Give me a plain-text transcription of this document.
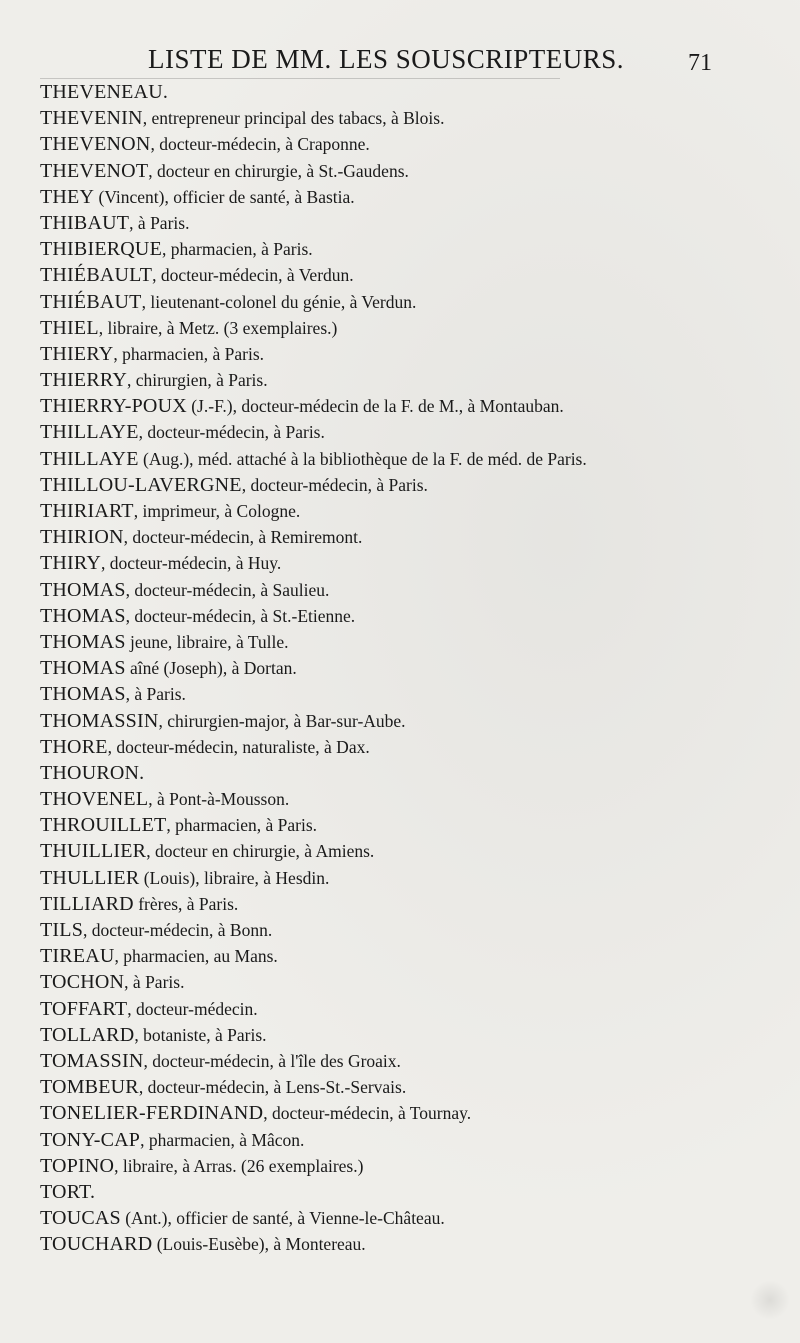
LISTE DE MM. LES SOUSCRIPTEURS.	71
THEVENEAU.
THEVENIN, entrepreneur principal des tabacs, à Blois.
THEVENON, docteur-médecin, à Craponne.
THEVENOT, docteur en chirurgie, à St.-Gaudens.
THEY (Vincent), officier de santé, à Bastia.
THIBAUT, à Paris.
THIBIERQUE, pharmacien, à Paris.
THIÉBAULT, docteur-médecin, à Verdun.
THIÉBAUT, lieutenant-colonel du génie, à Verdun.
THIEL, libraire, à Metz. (3 exemplaires.)
THIERY, pharmacien, à Paris.
THIERRY, chirurgien, à Paris.
THIERRY-POUX (J.-F.), docteur-médecin de la F. de M., à Montauban.
THILLAYE, docteur-médecin, à Paris.
THILLAYE (Aug.), méd. attaché à la bibliothèque de la F. de méd. de Paris.
THILLOU-LAVERGNE, docteur-médecin, à Paris.
THIRIART, imprimeur, à Cologne.
THIRION, docteur-médecin, à Remiremont.
THIRY, docteur-médecin, à Huy.
THOMAS, docteur-médecin, à Saulieu.
THOMAS, docteur-médecin, à St.-Etienne.
THOMAS jeune, libraire, à Tulle.
THOMAS aîné (Joseph), à Dortan.
THOMAS, à Paris.
THOMASSIN, chirurgien-major, à Bar-sur-Aube.
THORE, docteur-médecin, naturaliste, à Dax.
THOURON.
THOVENEL, à Pont-à-Mousson.
THROUILLET, pharmacien, à Paris.
THUILLIER, docteur en chirurgie, à Amiens.
THULLIER (Louis), libraire, à Hesdin.
TILLIARD frères, à Paris.
TILS, docteur-médecin, à Bonn.
TIREAU, pharmacien, au Mans.
TOCHON, à Paris.
TOFFART, docteur-médecin.
TOLLARD, botaniste, à Paris.
TOMASSIN, docteur-médecin, à l'île des Groaix.
TOMBEUR, docteur-médecin, à Lens-St.-Servais.
TONELIER-FERDINAND, docteur-médecin, à Tournay.
TONY-CAP, pharmacien, à Mâcon.
TOPINO, libraire, à Arras. (26 exemplaires.)
TORT.
TOUCAS (Ant.), officier de santé, à Vienne-le-Château.
TOUCHARD (Louis-Eusèbe), à Montereau.
